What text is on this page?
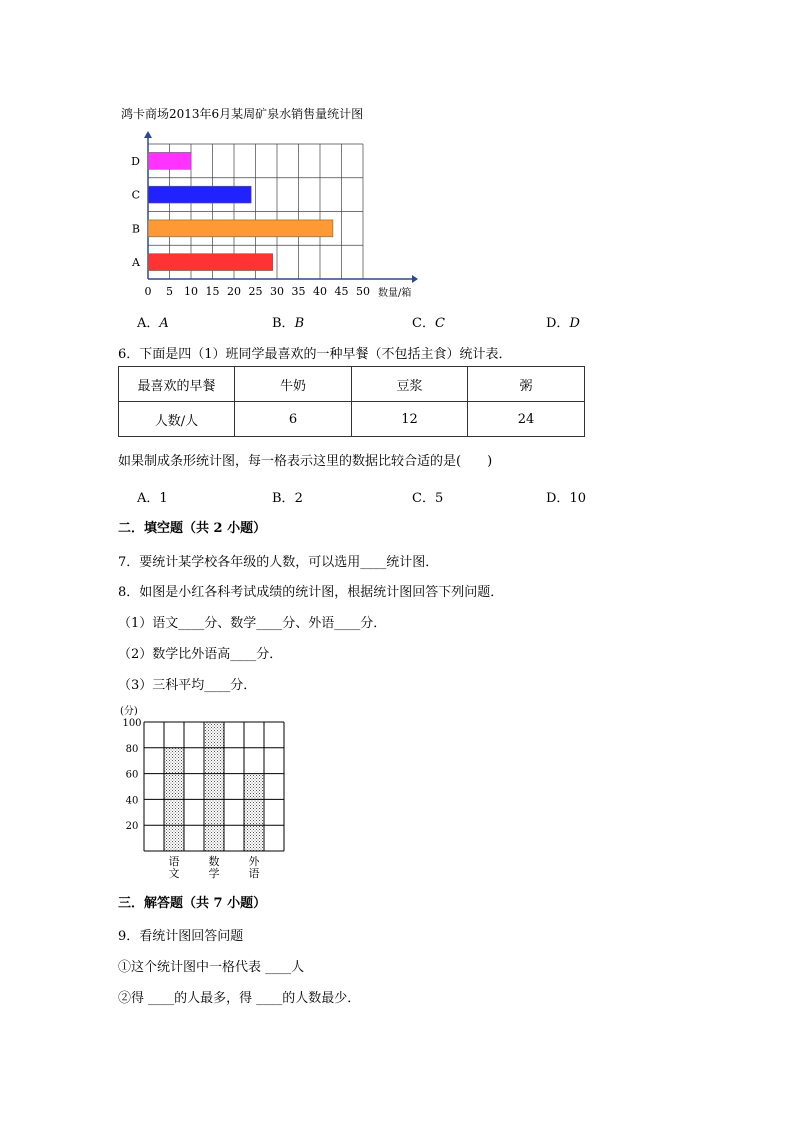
鸿卡商场2013年6月某周矿泉水销售量统计图
A
B
C
D
0 5 10 15 20 25 30 35 40 45 50 数量/箱
A．A	B．B	C．C	D．D
6．下面是四（1）班同学最喜欢的一种早餐（不包括主食）统计表．
最喜欢的早餐	牛奶	豆浆	粥
人数/人	6	12	24
如果制成条形统计图，每一格表示这里的数据比较合适的是(　　)
A．1	B．2	C．5	D．10
二．填空题（共 2 小题）
7．要统计某学校各年级的人数，可以选用____统计图．
8．如图是小红各科考试成绩的统计图，根据统计图回答下列问题．
（1）语文____分、数学____分、外语____分．
（2）数学比外语高____分．
（3）三科平均____分．
(分)
20
40
60
80
100
语文
数学
外语
三．解答题（共 7 小题）
9．看统计图回答问题
①这个统计图中一格代表 ____人
②得 ____的人最多，得 ____的人数最少．
